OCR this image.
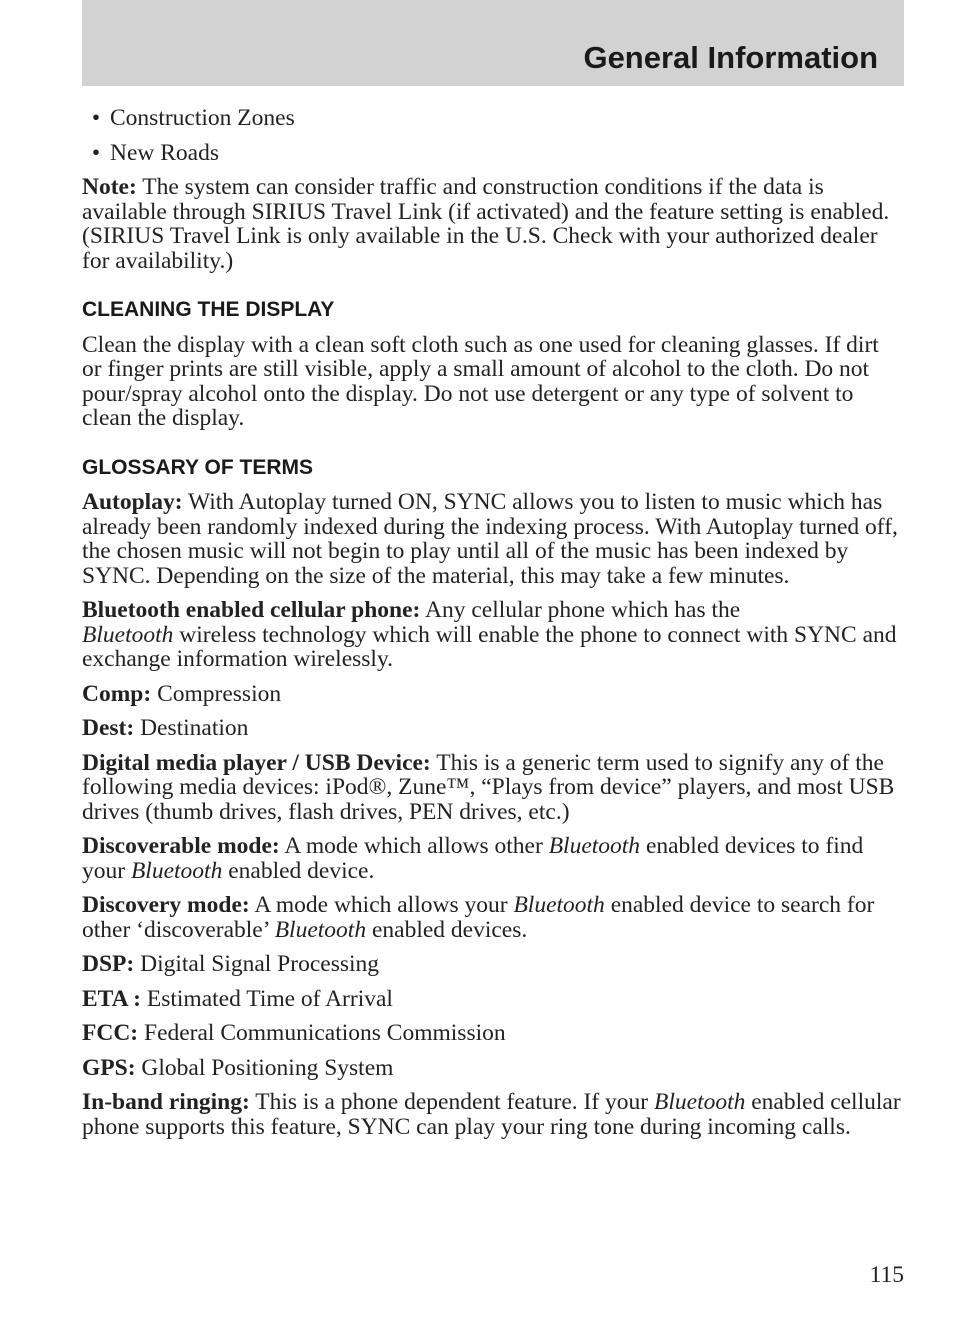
General Information
• Construction Zones
• New Roads

Note: The system can consider traffic and construction conditions if the data is available through SIRIUS Travel Link (if activated) and the feature setting is enabled. (SIRIUS Travel Link is only available in the U.S. Check with your authorized dealer for availability.)

CLEANING THE DISPLAY

Clean the display with a clean soft cloth such as one used for cleaning glasses. If dirt or finger prints are still visible, apply a small amount of alcohol to the cloth. Do not pour/spray alcohol onto the display. Do not use detergent or any type of solvent to clean the display.

GLOSSARY OF TERMS

Autoplay: With Autoplay turned ON, SYNC allows you to listen to music which has already been randomly indexed during the indexing process. With Autoplay turned off, the chosen music will not begin to play until all of the music has been indexed by SYNC. Depending on the size of the material, this may take a few minutes.

Bluetooth enabled cellular phone: Any cellular phone which has the
Bluetooth wireless technology which will enable the phone to connect with SYNC and exchange information wirelessly.

Comp: Compression

Dest: Destination

Digital media player / USB Device: This is a generic term used to signify any of the following media devices: iPod®, Zune™, “Plays from device” players, and most USB drives (thumb drives, flash drives, PEN drives, etc.)

Discoverable mode: A mode which allows other Bluetooth enabled devices to find your Bluetooth enabled device.

Discovery mode: A mode which allows your Bluetooth enabled device to search for other ‘discoverable’ Bluetooth enabled devices.

DSP: Digital Signal Processing

ETA : Estimated Time of Arrival

FCC: Federal Communications Commission

GPS: Global Positioning System

In-band ringing: This is a phone dependent feature. If your Bluetooth enabled cellular phone supports this feature, SYNC can play your ring tone during incoming calls.

115
